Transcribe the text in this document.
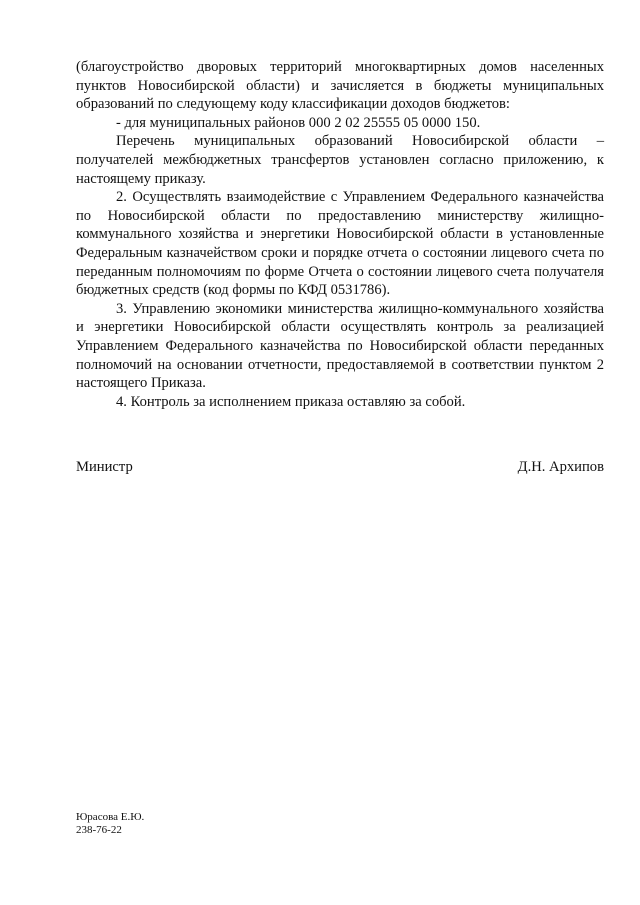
(благоустройство дворовых территорий многоквартирных домов населенных пунктов Новосибирской области) и зачисляется в бюджеты муниципальных образований по следующему коду классификации доходов бюджетов:

- для муниципальных районов 000 2 02 25555 05 0000 150.

Перечень муниципальных образований Новосибирской области – получателей межбюджетных трансфертов установлен согласно приложению, к настоящему приказу.

2. Осуществлять взаимодействие с Управлением Федерального казначейства по Новосибирской области по предоставлению министерству жилищно-коммунального хозяйства и энергетики Новосибирской области в установленные Федеральным казначейством сроки и порядке отчета о состоянии лицевого счета по переданным полномочиям по форме Отчета о состоянии лицевого счета получателя бюджетных средств (код формы по КФД 0531786).

3. Управлению экономики министерства жилищно-коммунального хозяйства и энергетики Новосибирской области осуществлять контроль за реализацией Управлением Федерального казначейства по Новосибирской области переданных полномочий на основании отчетности, предоставляемой в соответствии пунктом 2 настоящего Приказа.

4. Контроль за исполнением приказа оставляю за собой.

Министр	Д.Н. Архипов
Юрасова Е.Ю.
238-76-22
